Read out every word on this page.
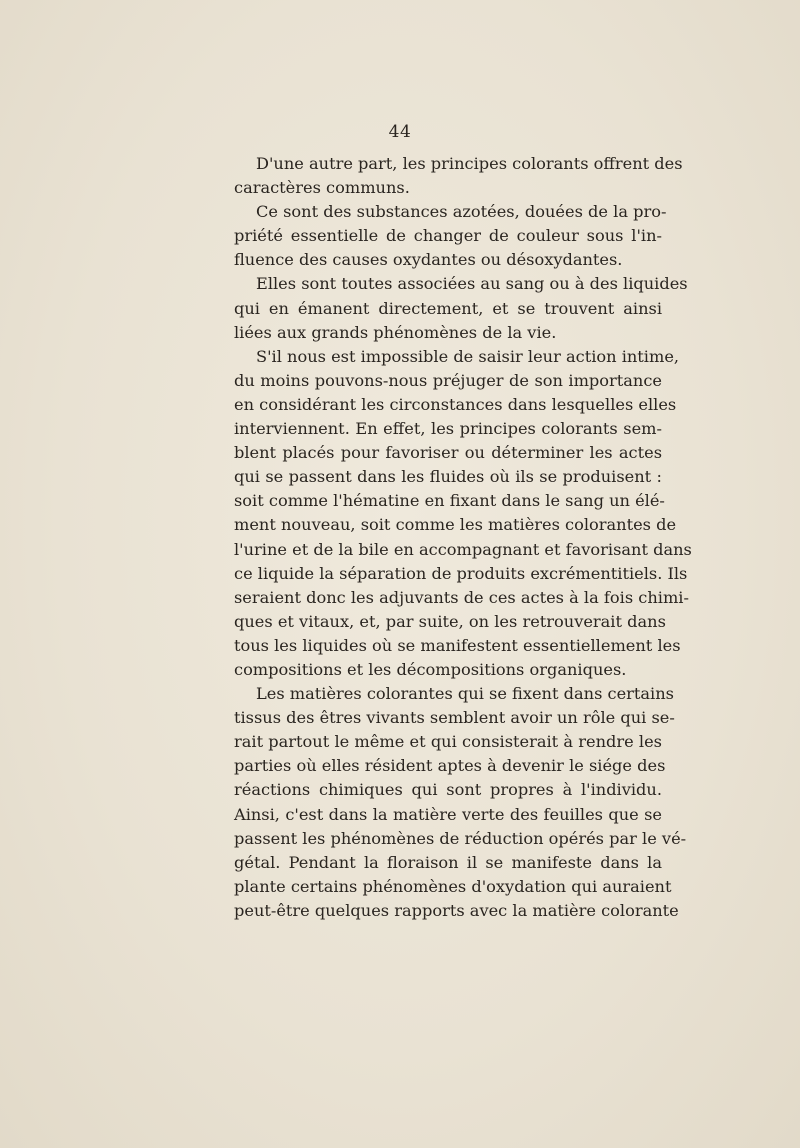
44
D'une autre part, les principes colorants offrent des
caractères communs.
Ce sont des substances azotées, douées de la pro-
priété essentielle de changer de couleur sous l'in-
fluence des causes oxydantes ou désoxydantes.
Elles sont toutes associées au sang ou à des liquides
qui en émanent directement, et se trouvent ainsi
liées aux grands phénomènes de la vie.
S'il nous est impossible de saisir leur action intime,
du moins pouvons-nous préjuger de son importance
en considérant les circonstances dans lesquelles elles
interviennent. En effet, les principes colorants sem-
blent placés pour favoriser ou déterminer les actes
qui se passent dans les fluides où ils se produisent :
soit comme l'hématine en fixant dans le sang un élé-
ment nouveau, soit comme les matières colorantes de
l'urine et de la bile en accompagnant et favorisant dans
ce liquide la séparation de produits excrémentitiels. Ils
seraient donc les adjuvants de ces actes à la fois chimi-
ques et vitaux, et, par suite, on les retrouverait dans
tous les liquides où se manifestent essentiellement les
compositions et les décompositions organiques.
Les matières colorantes qui se fixent dans certains
tissus des êtres vivants semblent avoir un rôle qui se-
rait partout le même et qui consisterait à rendre les
parties où elles résident aptes à devenir le siége des
réactions chimiques qui sont propres à l'individu.
Ainsi, c'est dans la matière verte des feuilles que se
passent les phénomènes de réduction opérés par le vé-
gétal. Pendant la floraison il se manifeste dans la
plante certains phénomènes d'oxydation qui auraient
peut-être quelques rapports avec la matière colorante
